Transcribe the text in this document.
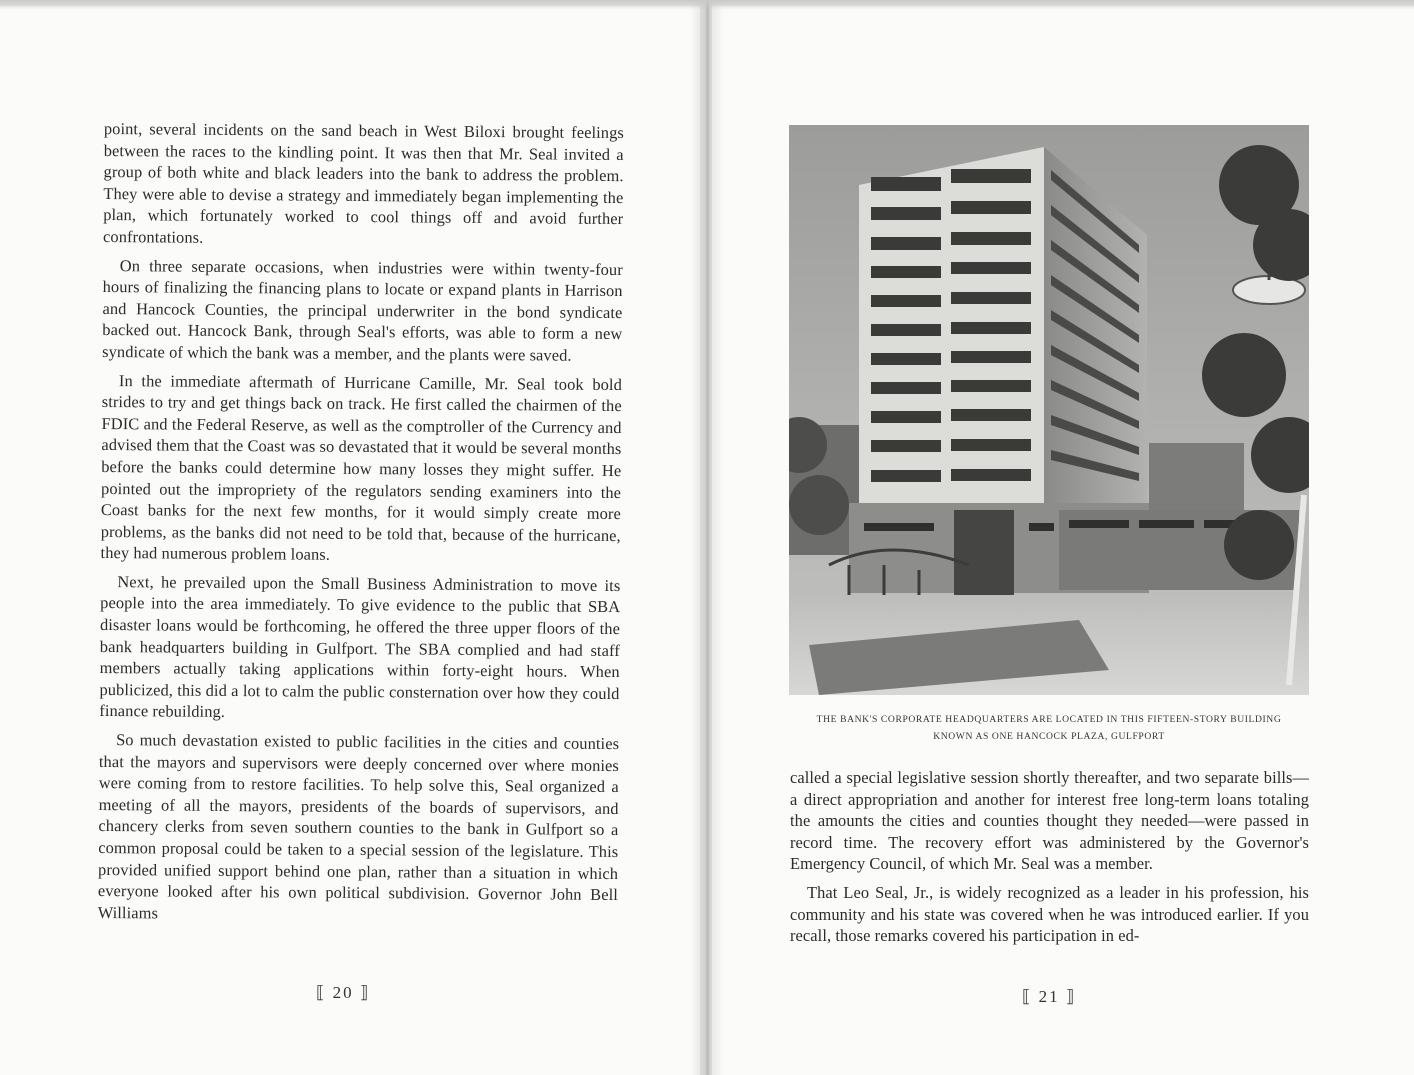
point, several incidents on the sand beach in West Biloxi brought feelings between the races to the kindling point. It was then that Mr. Seal invited a group of both white and black leaders into the bank to address the problem. They were able to devise a strategy and immediately began implementing the plan, which fortunately worked to cool things off and avoid further confrontations.

On three separate occasions, when industries were within twenty-four hours of finalizing the financing plans to locate or expand plants in Harrison and Hancock Counties, the principal underwriter in the bond syndicate backed out. Hancock Bank, through Seal's efforts, was able to form a new syndicate of which the bank was a member, and the plants were saved.

In the immediate aftermath of Hurricane Camille, Mr. Seal took bold strides to try and get things back on track. He first called the chairmen of the FDIC and the Federal Reserve, as well as the comptroller of the Currency and advised them that the Coast was so devastated that it would be several months before the banks could determine how many losses they might suffer. He pointed out the impropriety of the regulators sending examiners into the Coast banks for the next few months, for it would simply create more problems, as the banks did not need to be told that, because of the hurricane, they had numerous problem loans.

Next, he prevailed upon the Small Business Administration to move its people into the area immediately. To give evidence to the public that SBA disaster loans would be forthcoming, he offered the three upper floors of the bank headquarters building in Gulfport. The SBA complied and had staff members actually taking applications within forty-eight hours. When publicized, this did a lot to calm the public consternation over how they could finance rebuilding.

So much devastation existed to public facilities in the cities and counties that the mayors and supervisors were deeply concerned over where monies were coming from to restore facilities. To help solve this, Seal organized a meeting of all the mayors, presidents of the boards of supervisors, and chancery clerks from seven southern counties to the bank in Gulfport so a common proposal could be taken to a special session of the legislature. This provided unified support behind one plan, rather than a situation in which everyone looked after his own political subdivision. Governor John Bell Williams

⟦ 20 ⟧
THE BANK'S CORPORATE HEADQUARTERS ARE LOCATED IN THIS FIFTEEN-STORY BUILDING
KNOWN AS ONE HANCOCK PLAZA, GULFPORT

called a special legislative session shortly thereafter, and two separate bills—a direct appropriation and another for interest free long-term loans totaling the amounts the cities and counties thought they needed—were passed in record time. The recovery effort was administered by the Governor's Emergency Council, of which Mr. Seal was a member.

That Leo Seal, Jr., is widely recognized as a leader in his profession, his community and his state was covered when he was introduced earlier. If you recall, those remarks covered his participation in ed-

⟦ 21 ⟧
